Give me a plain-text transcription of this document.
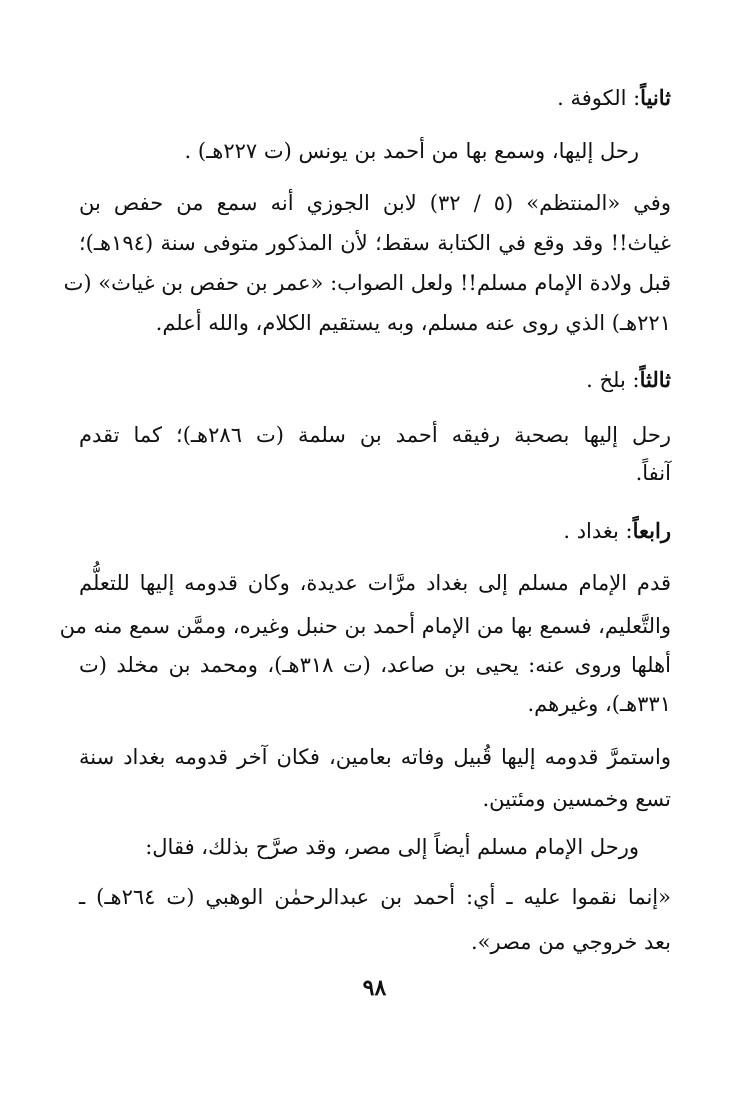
ثانياً: الكوفة .
رحل إليها، وسمع بها من أحمد بن يونس (ت ٢٢٧هـ) .
وفي «المنتظم» (٥ / ٣٢) لابن الجوزي أنه سمع من حفص بن
غياث!! وقد وقع في الكتابة سقط؛ لأن المذكور متوفى سنة (١٩٤هـ)؛
قبل ولادة الإمام مسلم!! ولعل الصواب: «عمر بن حفص بن غياث» (ت
٢٢١هـ) الذي روى عنه مسلم، وبه يستقيم الكلام، والله أعلم.
ثالثاً: بلخ .
رحل إليها بصحبة رفيقه أحمد بن سلمة (ت ٢٨٦هـ)؛ كما تقدم
آنفاً.
رابعاً: بغداد .
قدم الإمام مسلم إلى بغداد مرَّات عديدة، وكان قدومه إليها للتعلُّم
والتَّعليم، فسمع بها من الإمام أحمد بن حنبل وغيره، وممَّن سمع منه من
أهلها وروى عنه: يحيى بن صاعد، (ت ٣١٨هـ)، ومحمد بن مخلد (ت
٣٣١هـ)، وغيرهم.
واستمرَّ قدومه إليها قُبيل وفاته بعامين، فكان آخر قدومه بغداد سنة
تسع وخمسين ومئتين.
ورحل الإمام مسلم أيضاً إلى مصر، وقد صرَّح بذلك، فقال:
«إنما نقموا عليه ـ أي: أحمد بن عبدالرحمٰن الوهبي (ت ٢٦٤هـ) ـ
بعد خروجي من مصر».
٩٨
